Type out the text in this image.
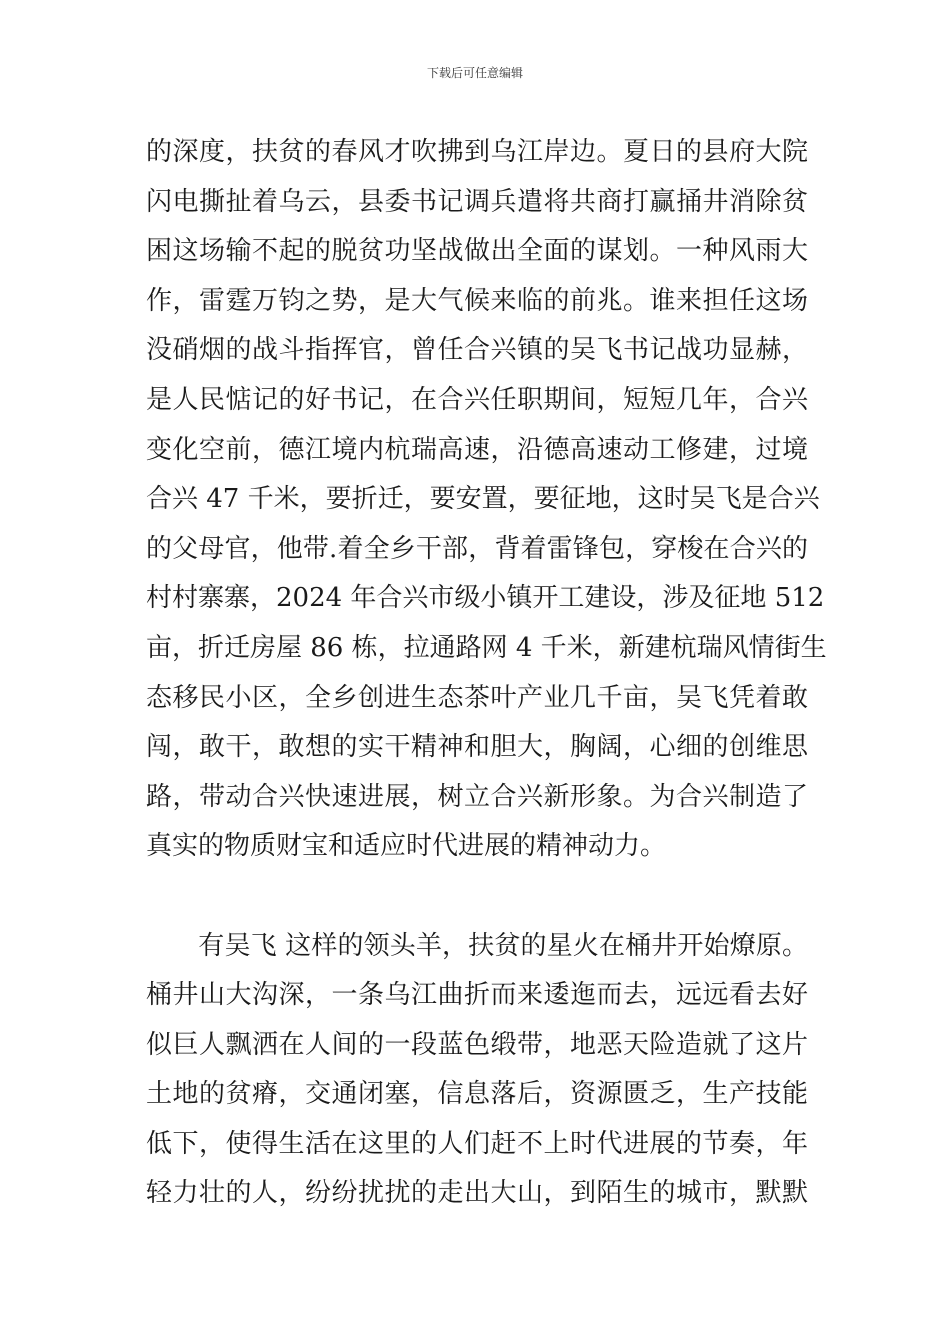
下载后可任意编辑
的深度，扶贫的春风才吹拂到乌江岸边。夏日的县府大院
闪电撕扯着乌云，县委书记调兵遣将共商打赢捅井消除贫
困这场输不起的脱贫功坚战做出全面的谋划。一种风雨大
作，雷霆万钧之势，是大气候来临的前兆。谁来担任这场
没硝烟的战斗指挥官，曾任合兴镇的吴飞书记战功显赫，
是人民惦记的好书记，在合兴任职期间，短短几年，合兴
变化空前，德江境内杭瑞高速，沿德高速动工修建，过境
合兴 47 千米，要折迁，要安置，要征地，这时吴飞是合兴
的父母官，他带.着全乡干部，背着雷锋包，穿梭在合兴的
村村寨寨，2024 年合兴市级小镇开工建设，涉及征地 512
亩，折迁房屋 86 栋，拉通路网 4 千米，新建杭瑞风情街生
态移民小区，全乡创进生态茶叶产业几千亩，吴飞凭着敢
闯，敢干，敢想的实干精神和胆大，胸阔，心细的创维思
路，带动合兴快速进展，树立合兴新形象。为合兴制造了
真实的物质财宝和适应时代进展的精神动力。
　　有吴飞 这样的领头羊，扶贫的星火在桶井开始燎原。
桶井山大沟深，一条乌江曲折而来逶迤而去，远远看去好
似巨人飘洒在人间的一段蓝色缎带，地恶天险造就了这片
土地的贫瘠，交通闭塞，信息落后，资源匮乏，生产技能
低下，使得生活在这里的人们赶不上时代进展的节奏，年
轻力壮的人，纷纷扰扰的走出大山，到陌生的城市，默默
